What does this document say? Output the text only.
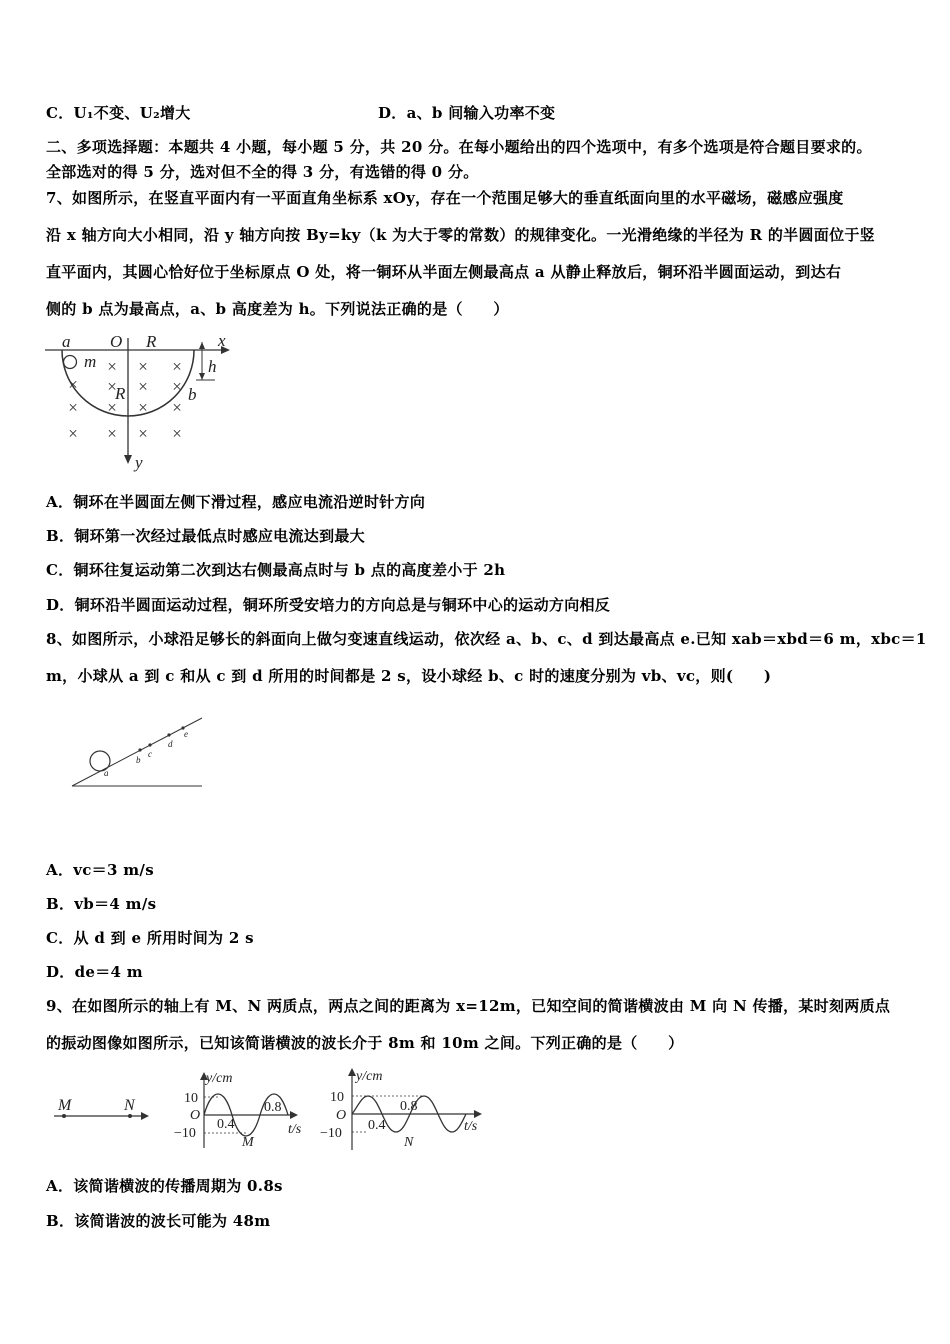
C．U₁不变、U₂增大	D．a、b 间输入功率不变
二、多项选择题：本题共 4 小题，每小题 5 分，共 20 分。在每小题给出的四个选项中，有多个选项是符合题目要求的。
全部选对的得 5 分，选对但不全的得 3 分，有选错的得 0 分。
7、如图所示，在竖直平面内有一平面直角坐标系 xOy，存在一个范围足够大的垂直纸面向里的水平磁场，磁感应强度
沿 x 轴方向大小相同，沿 y 轴方向按 By=ky（k 为大于零的常数）的规律变化。一光滑绝缘的半径为 R 的半圆面位于竖
直平面内，其圆心恰好位于坐标原点 O 处，将一铜环从半面左侧最高点 a 从静止释放后，铜环沿半圆面运动，到达右
侧的 b 点为最高点，a、b 高度差为 h。下列说法正确的是（　　）
×
× × ×
× × ×
× × × ×
× × × ×
a O R	x
m	h
R	b
y
A．铜环在半圆面左侧下滑过程，感应电流沿逆时针方向
B．铜环第一次经过最低点时感应电流达到最大
C．铜环往复运动第二次到达右侧最高点时与 b 点的高度差小于 2h
D．铜环沿半圆面运动过程，铜环所受安培力的方向总是与铜环中心的运动方向相反
8、如图所示，小球沿足够长的斜面向上做匀变速直线运动，依次经 a、b、c、d 到达最高点 e.已知 xab＝xbd＝6 m，xbc＝1
m，小球从 a 到 c 和从 c 到 d 所用的时间都是 2 s，设小球经 b、c 时的速度分别为 vb、vc，则(　　)
a
b
c
d
e
A．vc＝3 m/s
B．vb＝4 m/s
C．从 d 到 e 所用时间为 2 s
D．de＝4 m
9、在如图所示的轴上有 M、N 两质点，两点之间的距离为 x=12m，已知空间的简谐横波由 M 向 N 传播，某时刻两质点
的振动图像如图所示，已知该简谐横波的波长介于 8m 和 10m 之间。下列正确的是（　　）
M	N
y/cm
10
O
−10
0.4
0.8
t/s
M
y/cm
10
O
−10
0.4
0.8
t/s
N
A．该简谐横波的传播周期为 0.8s
B．该简谐波的波长可能为 48m
